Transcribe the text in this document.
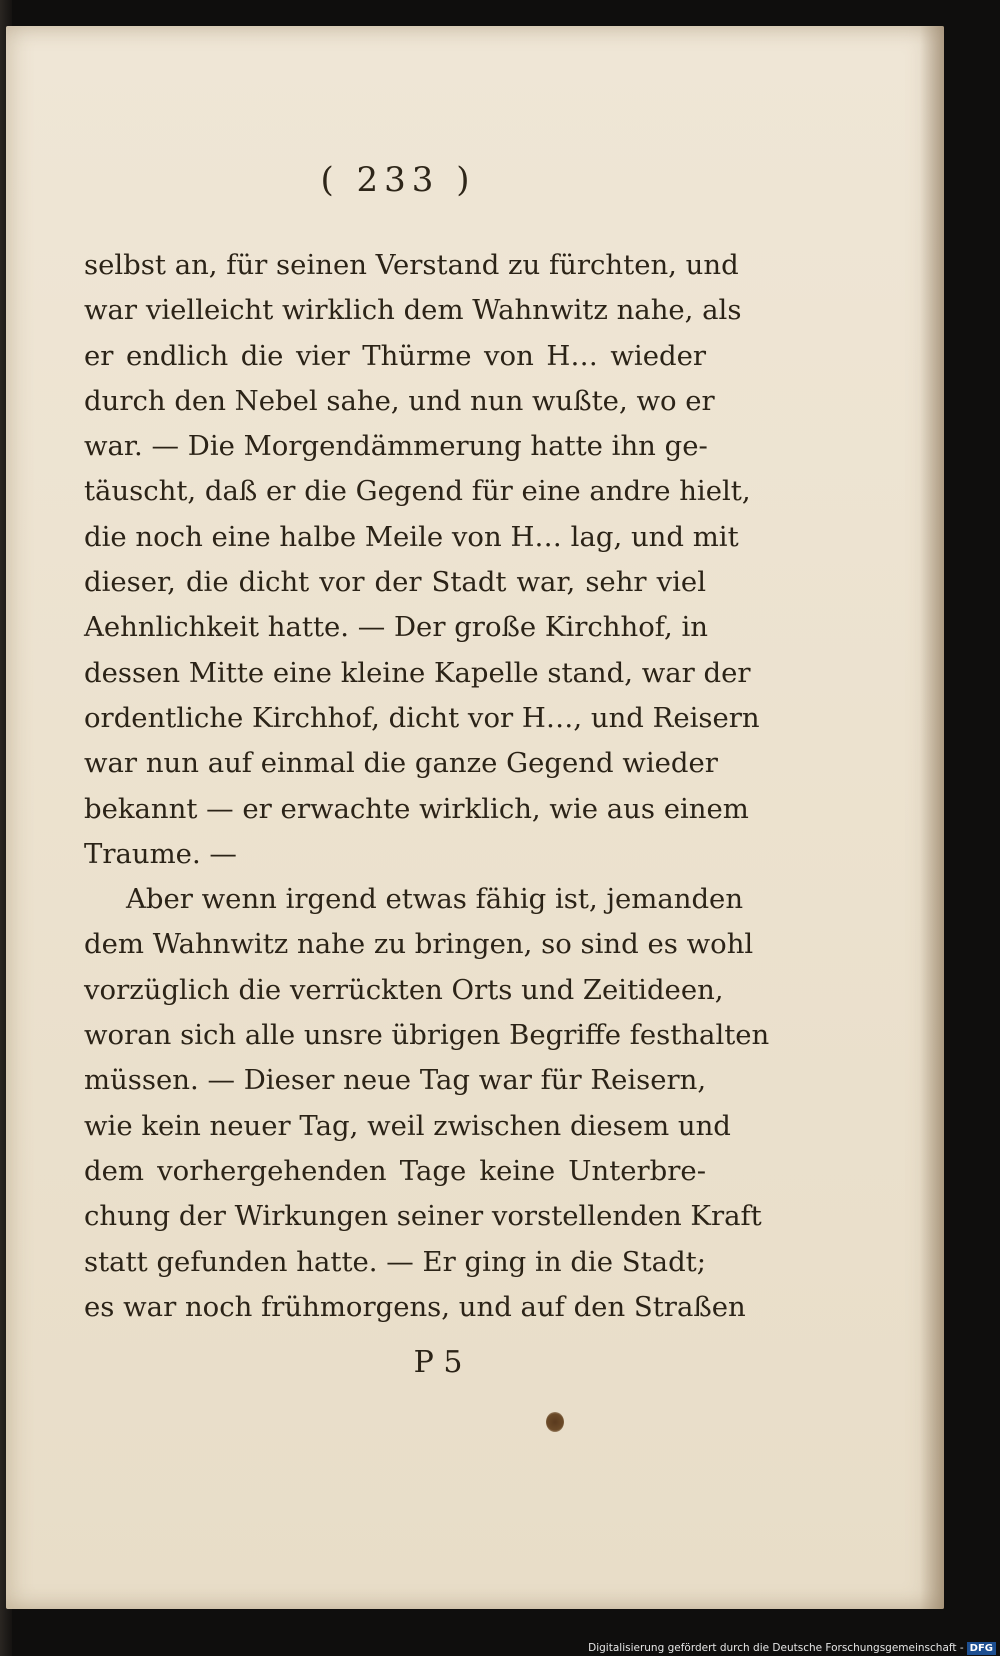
( 233 )
selbst an, für seinen Verstand zu fürchten, und
war vielleicht wirklich dem Wahnwitz nahe, als
er endlich die vier Thürme von H… wieder
durch den Nebel sahe, und nun wußte, wo er
war. — Die Morgendämmerung hatte ihn ge-
täuscht, daß er die Gegend für eine andre hielt,
die noch eine halbe Meile von H… lag, und mit
dieser, die dicht vor der Stadt war, sehr viel
Aehnlichkeit hatte. — Der große Kirchhof, in
dessen Mitte eine kleine Kapelle stand, war der
ordentliche Kirchhof, dicht vor H…, und Reisern
war nun auf einmal die ganze Gegend wieder
bekannt — er erwachte wirklich, wie aus einem
Traume. —
Aber wenn irgend etwas fähig ist, jemanden
dem Wahnwitz nahe zu bringen, so sind es wohl
vorzüglich die verrückten Orts und Zeitideen,
woran sich alle unsre übrigen Begriffe festhalten
müssen. — Dieser neue Tag war für Reisern,
wie kein neuer Tag, weil zwischen diesem und
dem vorhergehenden Tage keine Unterbre-
chung der Wirkungen seiner vorstellenden Kraft
statt gefunden hatte. — Er ging in die Stadt;
es war noch frühmorgens, und auf den Straßen
P 5
Digitalisierung gefördert durch die Deutsche Forschungsgemeinschaft - DFG
